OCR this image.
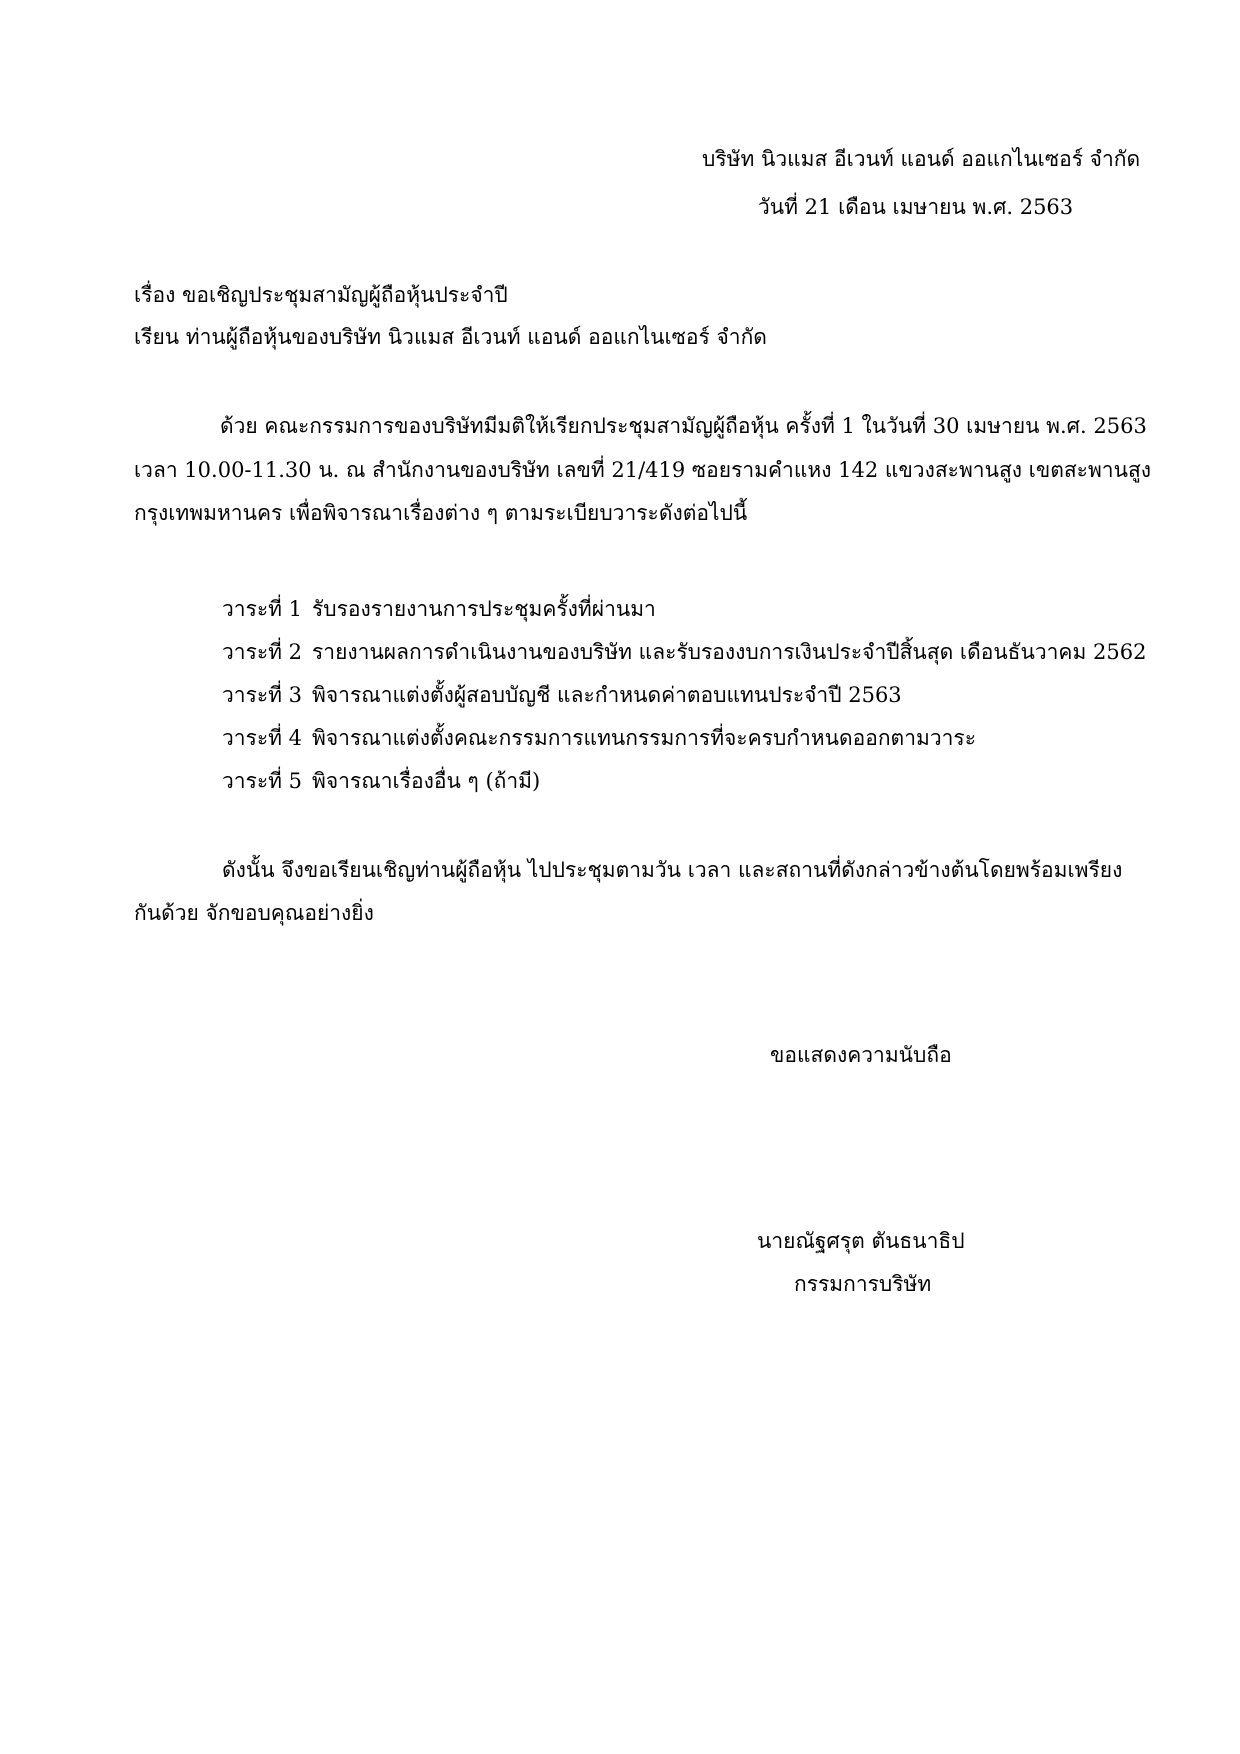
บริษัท นิวแมส อีเวนท์ แอนด์ ออแกไนเซอร์ จำกัด
วันที่ 21 เดือน เมษายน พ.ศ. 2563
เรื่อง ขอเชิญประชุมสามัญผู้ถือหุ้นประจำปี
เรียน ท่านผู้ถือหุ้นของบริษัท นิวแมส อีเวนท์ แอนด์ ออแกไนเซอร์ จำกัด
ด้วย คณะกรรมการของบริษัทมีมติให้เรียกประชุมสามัญผู้ถือหุ้น ครั้งที่ 1 ในวันที่ 30 เมษายน พ.ศ. 2563
เวลา 10.00-11.30 น. ณ สำนักงานของบริษัท เลขที่ 21/419 ซอยรามคำแหง 142 แขวงสะพานสูง เขตสะพานสูง
กรุงเทพมหานคร เพื่อพิจารณาเรื่องต่าง ๆ ตามระเบียบวาระดังต่อไปนี้
วาระที่ 1 รับรองรายงานการประชุมครั้งที่ผ่านมา
วาระที่ 2 รายงานผลการดำเนินงานของบริษัท และรับรองงบการเงินประจำปีสิ้นสุด เดือนธันวาคม 2562
วาระที่ 3 พิจารณาแต่งตั้งผู้สอบบัญชี และกำหนดค่าตอบแทนประจำปี 2563
วาระที่ 4 พิจารณาแต่งตั้งคณะกรรมการแทนกรรมการที่จะครบกำหนดออกตามวาระ
วาระที่ 5 พิจารณาเรื่องอื่น ๆ (ถ้ามี)
ดังนั้น จึงขอเรียนเชิญท่านผู้ถือหุ้น ไปประชุมตามวัน เวลา และสถานที่ดังกล่าวข้างต้นโดยพร้อมเพรียง
กันด้วย จักขอบคุณอย่างยิ่ง
ขอแสดงความนับถือ
นายณัฐศรุต ตันธนาธิป
กรรมการบริษัท
